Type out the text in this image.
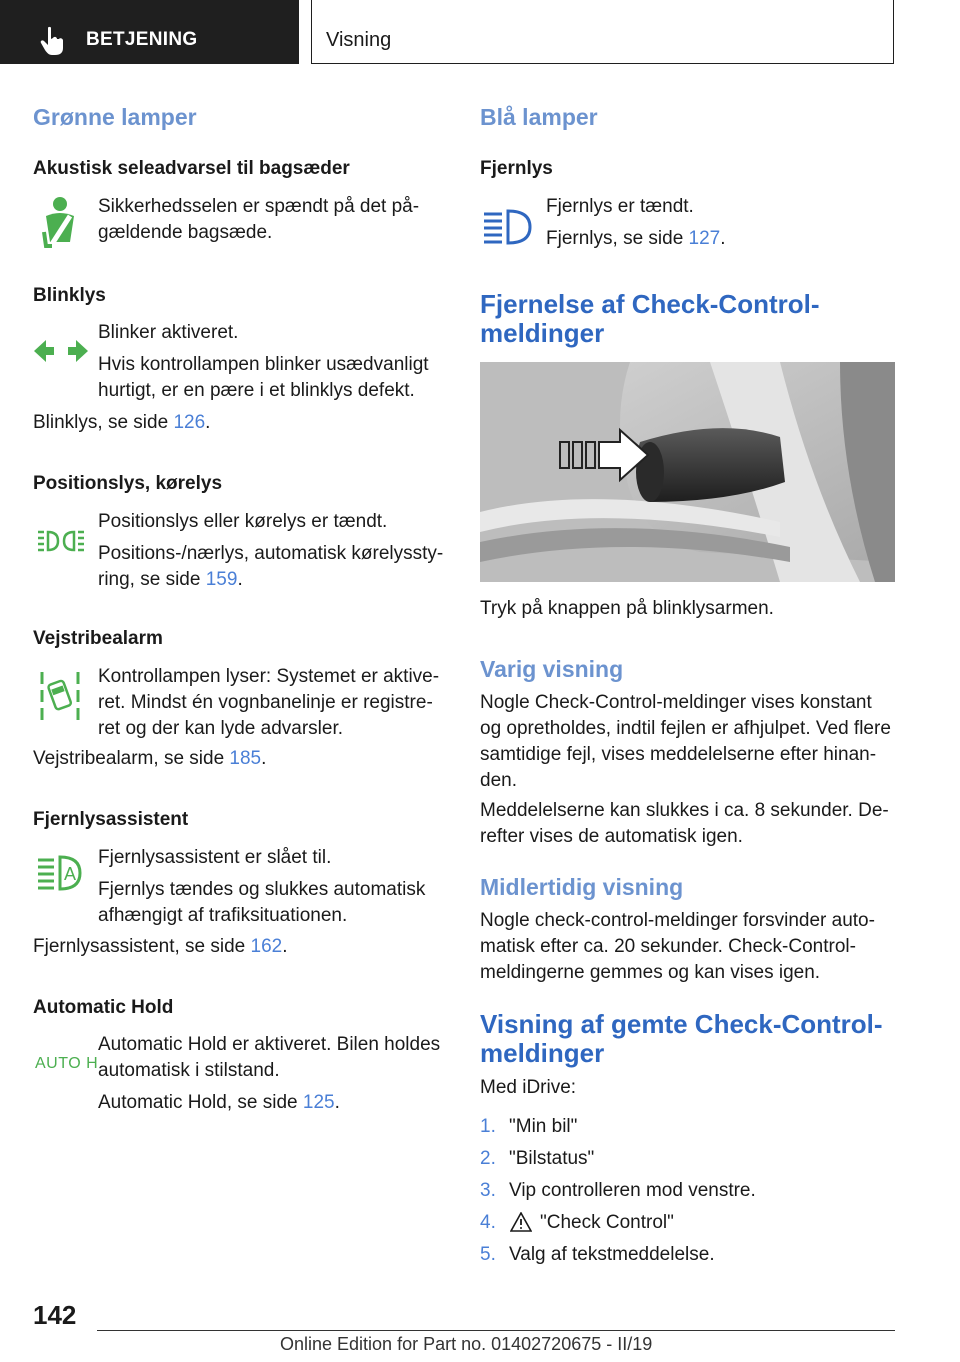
BETJENING	Visning
Grønne lamper
Akustisk seleadvarsel til bagsæder
Sikkerhedsselen er spændt på det på-
gældende bagsæde.
Blinklys
Blinker aktiveret.
Hvis kontrollampen blinker usædvanligt
hurtigt, er en pære i et blinklys defekt.
Blinklys, se side 126.
Positionslys, kørelys
Positionslys eller kørelys er tændt.
Positions-/nærlys, automatisk kørelyssty-
ring, se side 159.
Vejstribealarm
Kontrollampen lyser: Systemet er aktive-
ret. Mindst én vognbanelinje er registre-
ret og der kan lyde advarsler.
Vejstribealarm, se side 185.
Fjernlysassistent
A
Fjernlysassistent er slået til.
Fjernlys tændes og slukkes automatisk
afhængigt af trafiksituationen.
Fjernlysassistent, se side 162.
Automatic Hold
AUTO H
Automatic Hold er aktiveret. Bilen holdes
automatisk i stilstand.
Automatic Hold, se side 125.
Blå lamper
Fjernlys
Fjernlys er tændt.
Fjernlys, se side 127.
Fjernelse af Check-Control-
meldinger
Tryk på knappen på blinklysarmen.
Varig visning
Nogle Check-Control-meldinger vises konstant
og opretholdes, indtil fejlen er afhjulpet. Ved flere
samtidige fejl, vises meddelelserne efter hinan-
den.
Meddelelserne kan slukkes i ca. 8 sekunder. De-
refter vises de automatisk igen.
Midlertidig visning
Nogle check-control-meldinger forsvinder auto-
matisk efter ca. 20 sekunder. Check-Control-
meldingerne gemmes og kan vises igen.
Visning af gemte Check-Control-
meldinger
Med iDrive:
1. "Min bil"
2. "Bilstatus"
3. Vip controlleren mod venstre.
4. "Check Control"
5. Valg af tekstmeddelelse.
142
Online Edition for Part no. 01402720675 - II/19
